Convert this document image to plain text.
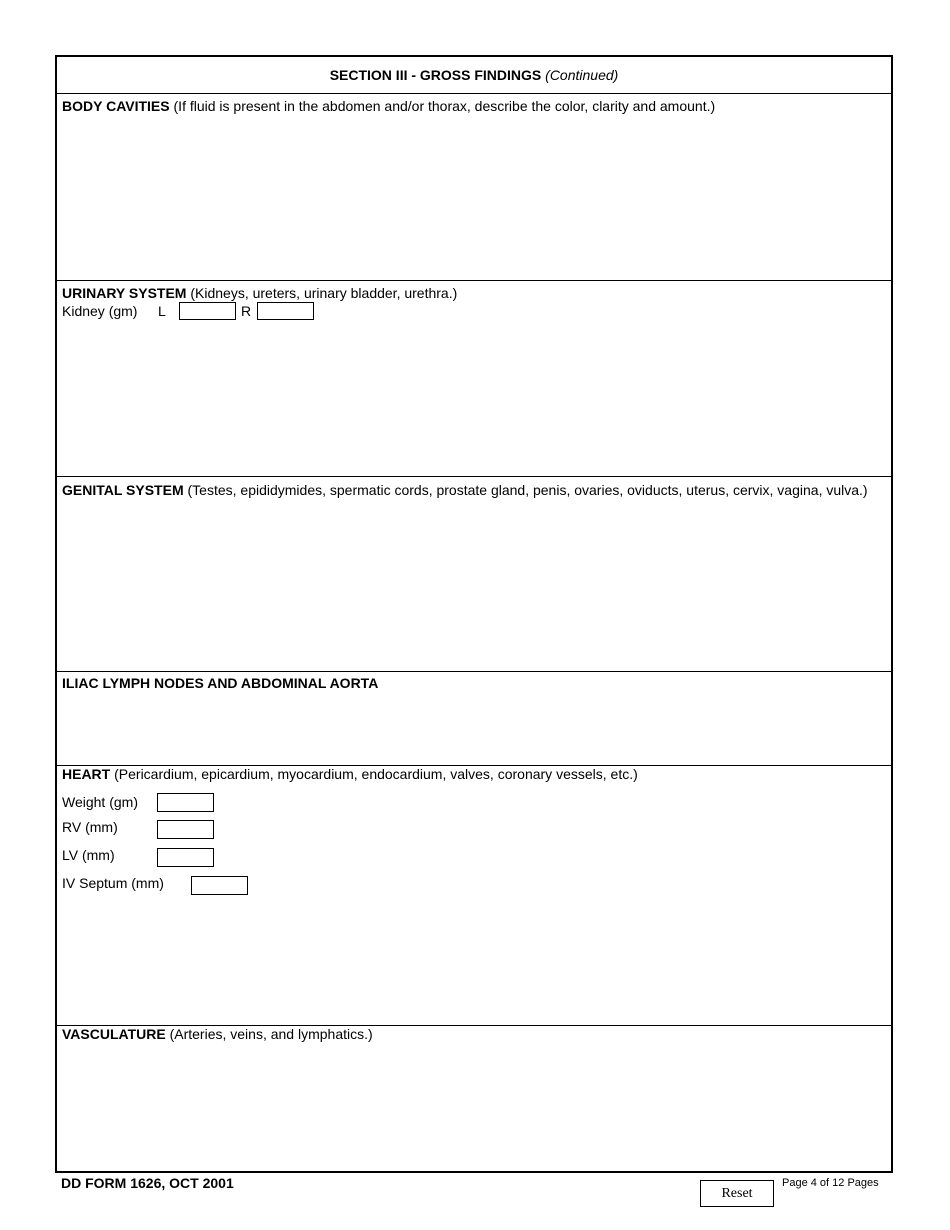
SECTION III - GROSS FINDINGS (Continued)
BODY CAVITIES (If fluid is present in the abdomen and/or thorax, describe the color, clarity and amount.)
URINARY SYSTEM (Kidneys, ureters, urinary bladder, urethra.)
Kidney (gm) L	R
GENITAL SYSTEM (Testes, epididymides, spermatic cords, prostate gland, penis, ovaries, oviducts, uterus, cervix, vagina, vulva.)
ILIAC LYMPH NODES AND ABDOMINAL AORTA
HEART (Pericardium, epicardium, myocardium, endocardium, valves, coronary vessels, etc.)
Weight (gm)
RV (mm)
LV (mm)
IV Septum (mm)
VASCULATURE (Arteries, veins, and lymphatics.)
DD FORM 1626, OCT 2001
Reset
Page 4 of 12 Pages
